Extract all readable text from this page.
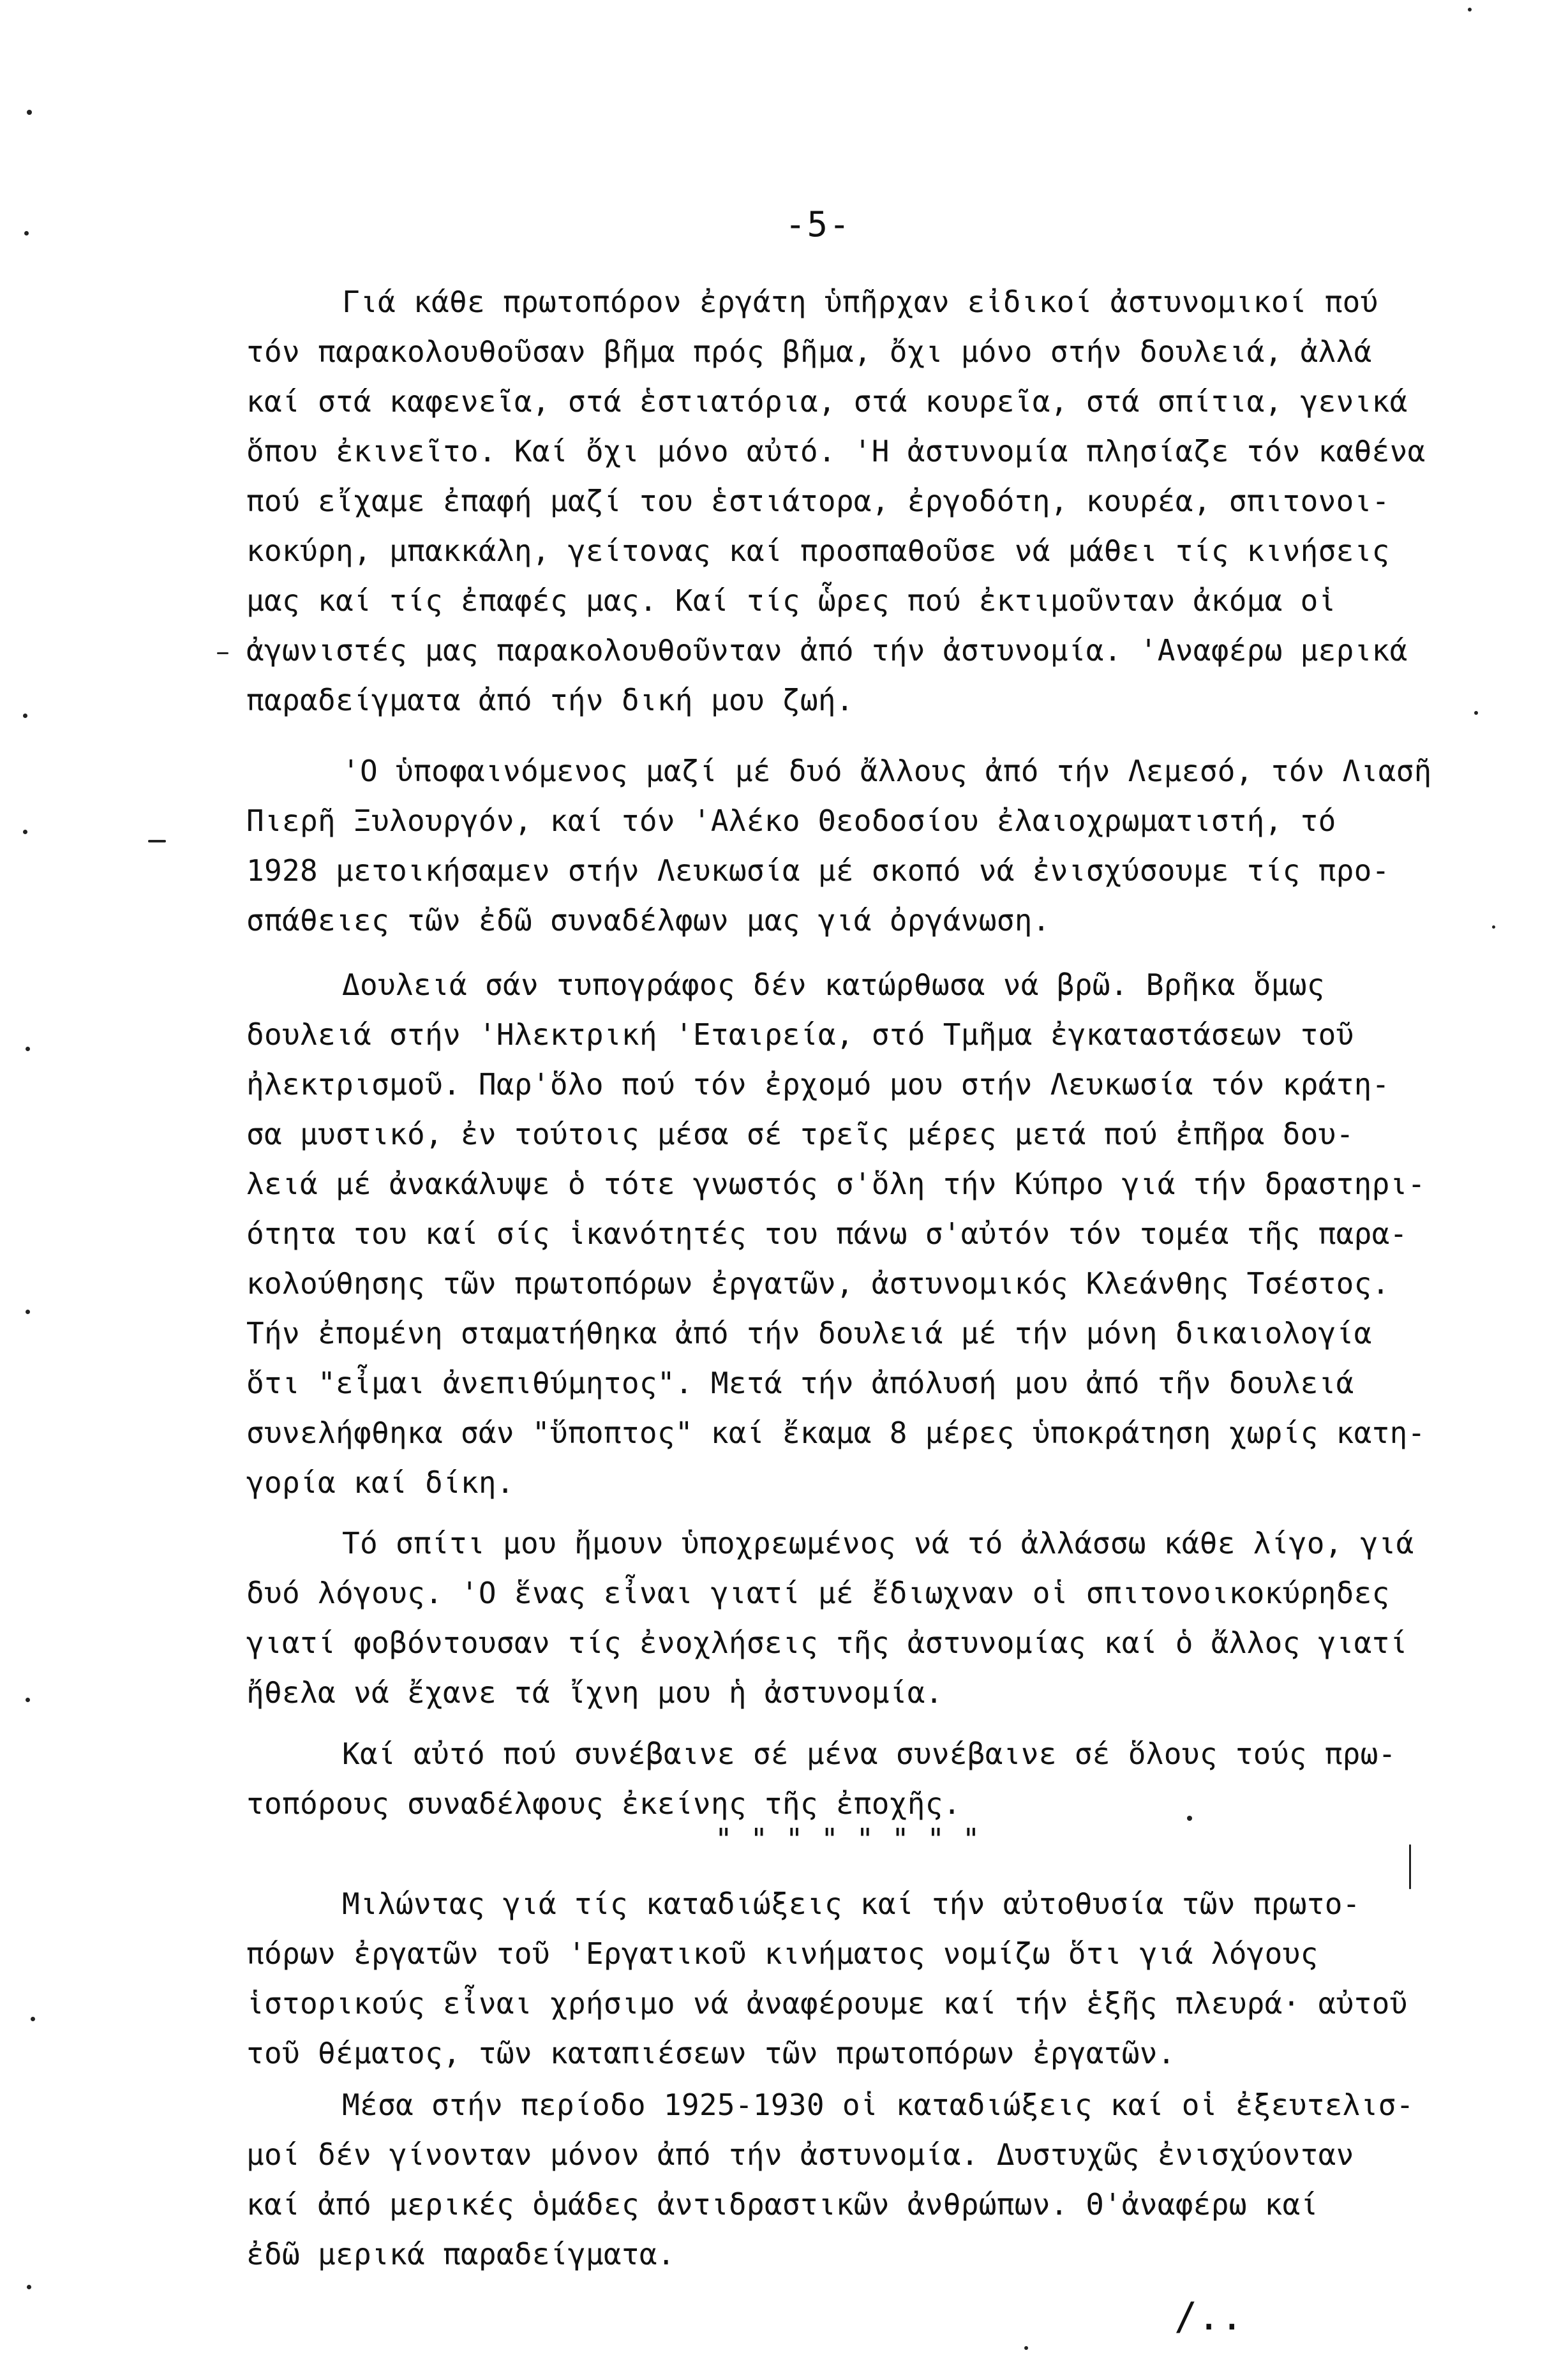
-5-
Γιά κάθε πρωτοπόρον ἐργάτη ὑπῆρχαν εἰδικοί ἀστυνομικοί πού
τόν παρακολουθοῦσαν βῆμα πρός βῆμα, ὄχι μόνο στήν δουλειά, ἀλλά
καί στά καφενεῖα, στά ἑστιατόρια, στά κουρεῖα, στά σπίτια, γενικά
ὅπου ἐκινεῖτο. Καί ὄχι μόνο αὐτό. 'Η ἀστυνομία πλησίαζε τόν καθένα
πού εἴχαμε ἐπαφή μαζί του ἑστιάτορα, ἐργοδότη, κουρέα, σπιτονοι-
κοκύρη, μπακκάλη, γείτονας καί προσπαθοῦσε νά μάθει τίς κινήσεις
μας καί τίς ἐπαφές μας. Καί τίς ὧρες πού ἐκτιμοῦνταν ἀκόμα οἱ
ἀγωνιστές μας παρακολουθοῦνταν ἀπό τήν ἀστυνομία. 'Αναφέρω μερικά
παραδείγματα ἀπό τήν δική μου ζωή.
'Ο ὑποφαινόμενος μαζί μέ δυό ἄλλους ἀπό τήν Λεμεσό, τόν Λιασῆ
Πιερῆ Ξυλουργόν, καί τόν 'Αλέκο Θεοδοσίου ἐλαιοχρωματιστή, τό
1928 μετοικήσαμεν στήν Λευκωσία μέ σκοπό νά ἐνισχύσουμε τίς προ-
σπάθειες τῶν ἐδῶ συναδέλφων μας γιά ὀργάνωση.
Δουλειά σάν τυπογράφος δέν κατώρθωσα νά βρῶ. Βρῆκα ὅμως
δουλειά στήν 'Ηλεκτρική 'Εταιρεία, στό Τμῆμα ἐγκαταστάσεων τοῦ
ἠλεκτρισμοῦ. Παρ'ὅλο πού τόν ἐρχομό μου στήν Λευκωσία τόν κράτη-
σα μυστικό, ἐν τούτοις μέσα σέ τρεῖς μέρες μετά πού ἐπῆρα δου-
λειά μέ ἀνακάλυψε ὁ τότε γνωστός σ'ὅλη τήν Κύπρο γιά τήν δραστηρι-
ότητα του καί σίς ἱκανότητές του πάνω σ'αὐτόν τόν τομέα τῆς παρα-
κολούθησης τῶν πρωτοπόρων ἐργατῶν, ἀστυνομικός Κλεάνθης Τσέστος.
Τήν ἐπομένη σταματήθηκα ἀπό τήν δουλειά μέ τήν μόνη δικαιολογία
ὅτι "εἶμαι ἀνεπιθύμητος". Μετά τήν ἀπόλυσή μου ἀπό τῆν δουλειά
συνελήφθηκα σάν "ὕποπτος" καί ἔκαμα 8 μέρες ὑποκράτηση χωρίς κατη-
γορία καί δίκη.
Τό σπίτι μου ἤμουν ὑποχρεωμένος νά τό ἀλλάσσω κάθε λίγο, γιά
δυό λόγους. 'Ο ἕνας εἶναι γιατί μέ ἔδιωχναν οἱ σπιτονοικοκύρηδες
γιατί φοβόντουσαν τίς ἐνοχλήσεις τῆς ἀστυνομίας καί ὁ ἄλλος γιατί
ἤθελα νά ἔχανε τά ἴχνη μου ἡ ἀστυνομία.
Καί αὐτό πού συνέβαινε σέ μένα συνέβαινε σέ ὅλους τούς πρω-
τοπόρους συναδέλφους ἐκείνης τῆς ἐποχῆς.
" " " " " " " "
Μιλώντας γιά τίς καταδιώξεις καί τήν αὐτοθυσία τῶν πρωτο-
πόρων ἐργατῶν τοῦ 'Εργατικοῦ κινήματος νομίζω ὅτι γιά λόγους
ἱστορικούς εἶναι χρήσιμο νά ἀναφέρουμε καί τήν ἑξῆς πλευρά· αὐτοῦ
τοῦ θέματος, τῶν καταπιέσεων τῶν πρωτοπόρων ἐργατῶν.
Μέσα στήν περίοδο 1925-1930 οἱ καταδιώξεις καί οἱ ἐξευτελισ-
μοί δέν γίνονταν μόνον ἀπό τήν ἀστυνομία. Δυστυχῶς ἐνισχύονταν
καί ἀπό μερικές ὁμάδες ἀντιδραστικῶν ἀνθρώπων. Θ'ἀναφέρω καί
ἐδῶ μερικά παραδείγματα.
/..
